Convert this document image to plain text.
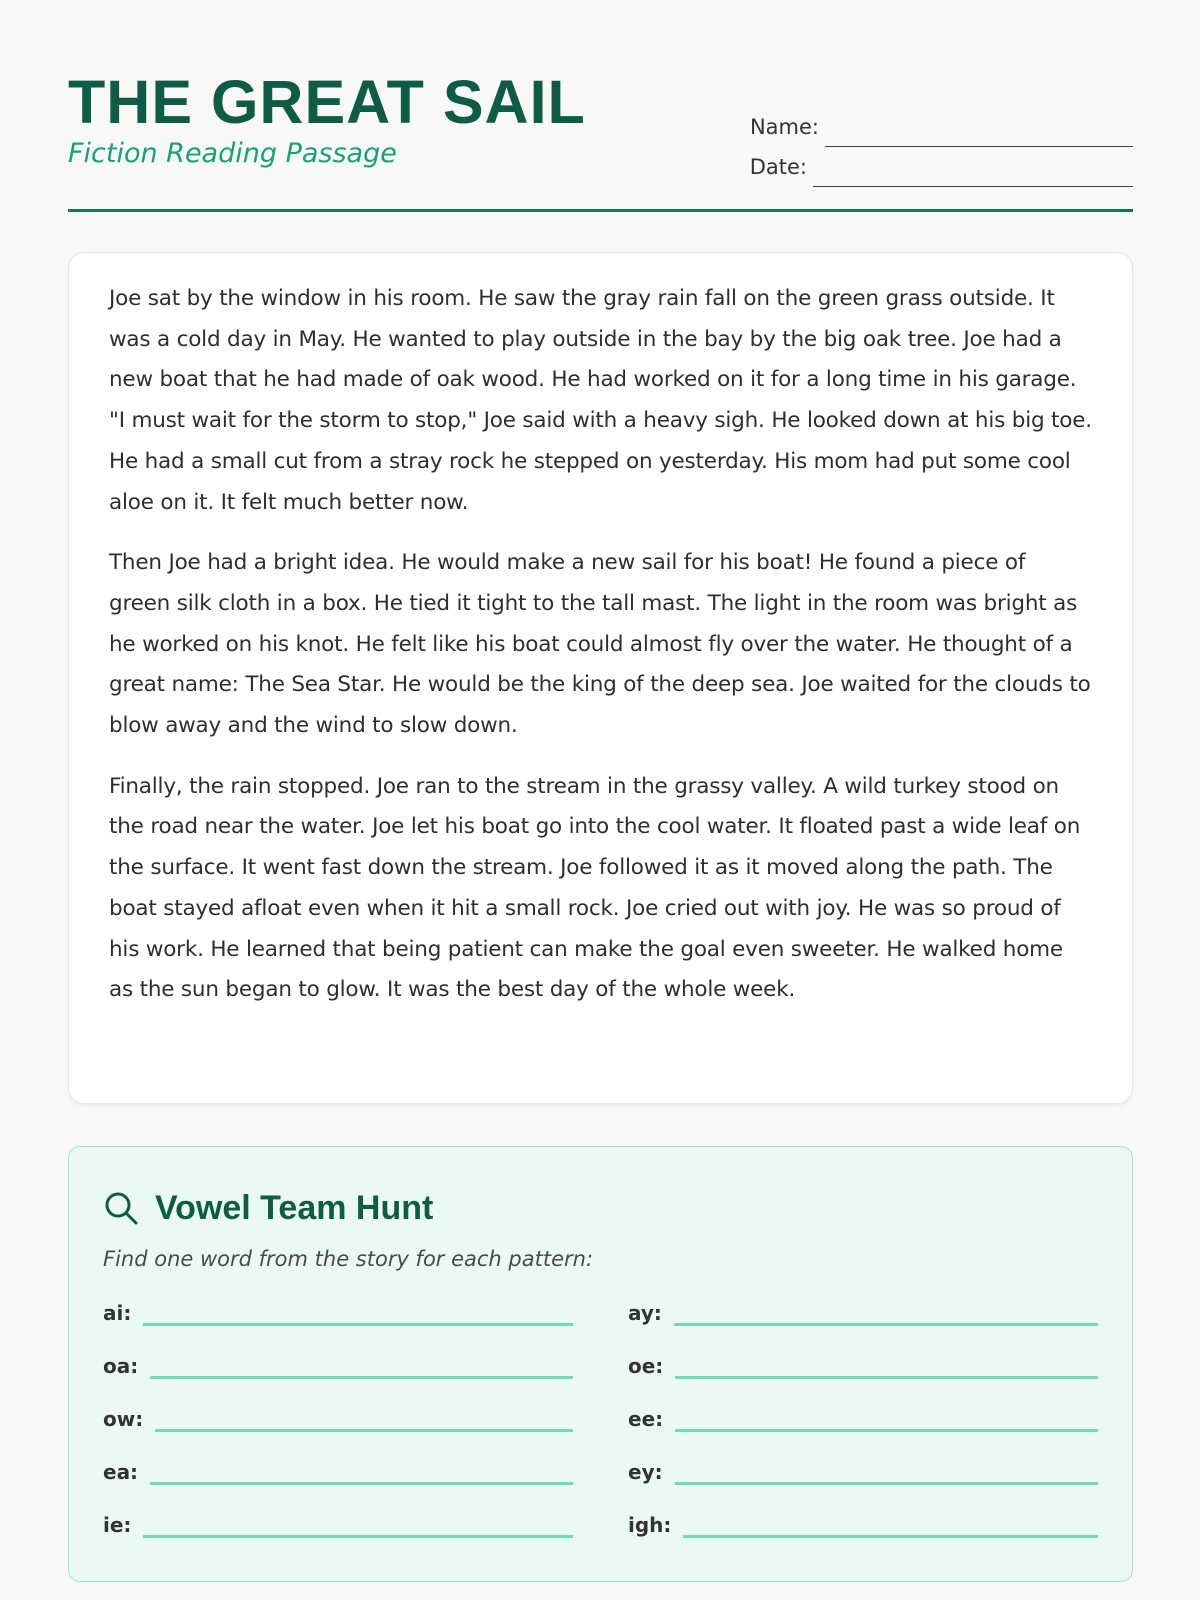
THE GREAT SAIL
Fiction Reading Passage
Name:
Date:

Joe sat by the window in his room. He saw the gray rain fall on the green grass outside. It was a cold day in May. He wanted to play outside in the bay by the big oak tree. Joe had a new boat that he had made of oak wood. He had worked on it for a long time in his garage. "I must wait for the storm to stop," Joe said with a heavy sigh. He looked down at his big toe. He had a small cut from a stray rock he stepped on yesterday. His mom had put some cool aloe on it. It felt much better now.

Then Joe had a bright idea. He would make a new sail for his boat! He found a piece of green silk cloth in a box. He tied it tight to the tall mast. The light in the room was bright as he worked on his knot. He felt like his boat could almost fly over the water. He thought of a great name: The Sea Star. He would be the king of the deep sea. Joe waited for the clouds to blow away and the wind to slow down.

Finally, the rain stopped. Joe ran to the stream in the grassy valley. A wild turkey stood on the road near the water. Joe let his boat go into the cool water. It floated past a wide leaf on the surface. It went fast down the stream. Joe followed it as it moved along the path. The boat stayed afloat even when it hit a small rock. Joe cried out with joy. He was so proud of his work. He learned that being patient can make the goal even sweeter. He walked home as the sun began to glow. It was the best day of the whole week.

Vowel Team Hunt
Find one word from the story for each pattern:
ai:	ay:
oa:	oe:
ow:	ee:
ea:	ey:
ie:	igh:
